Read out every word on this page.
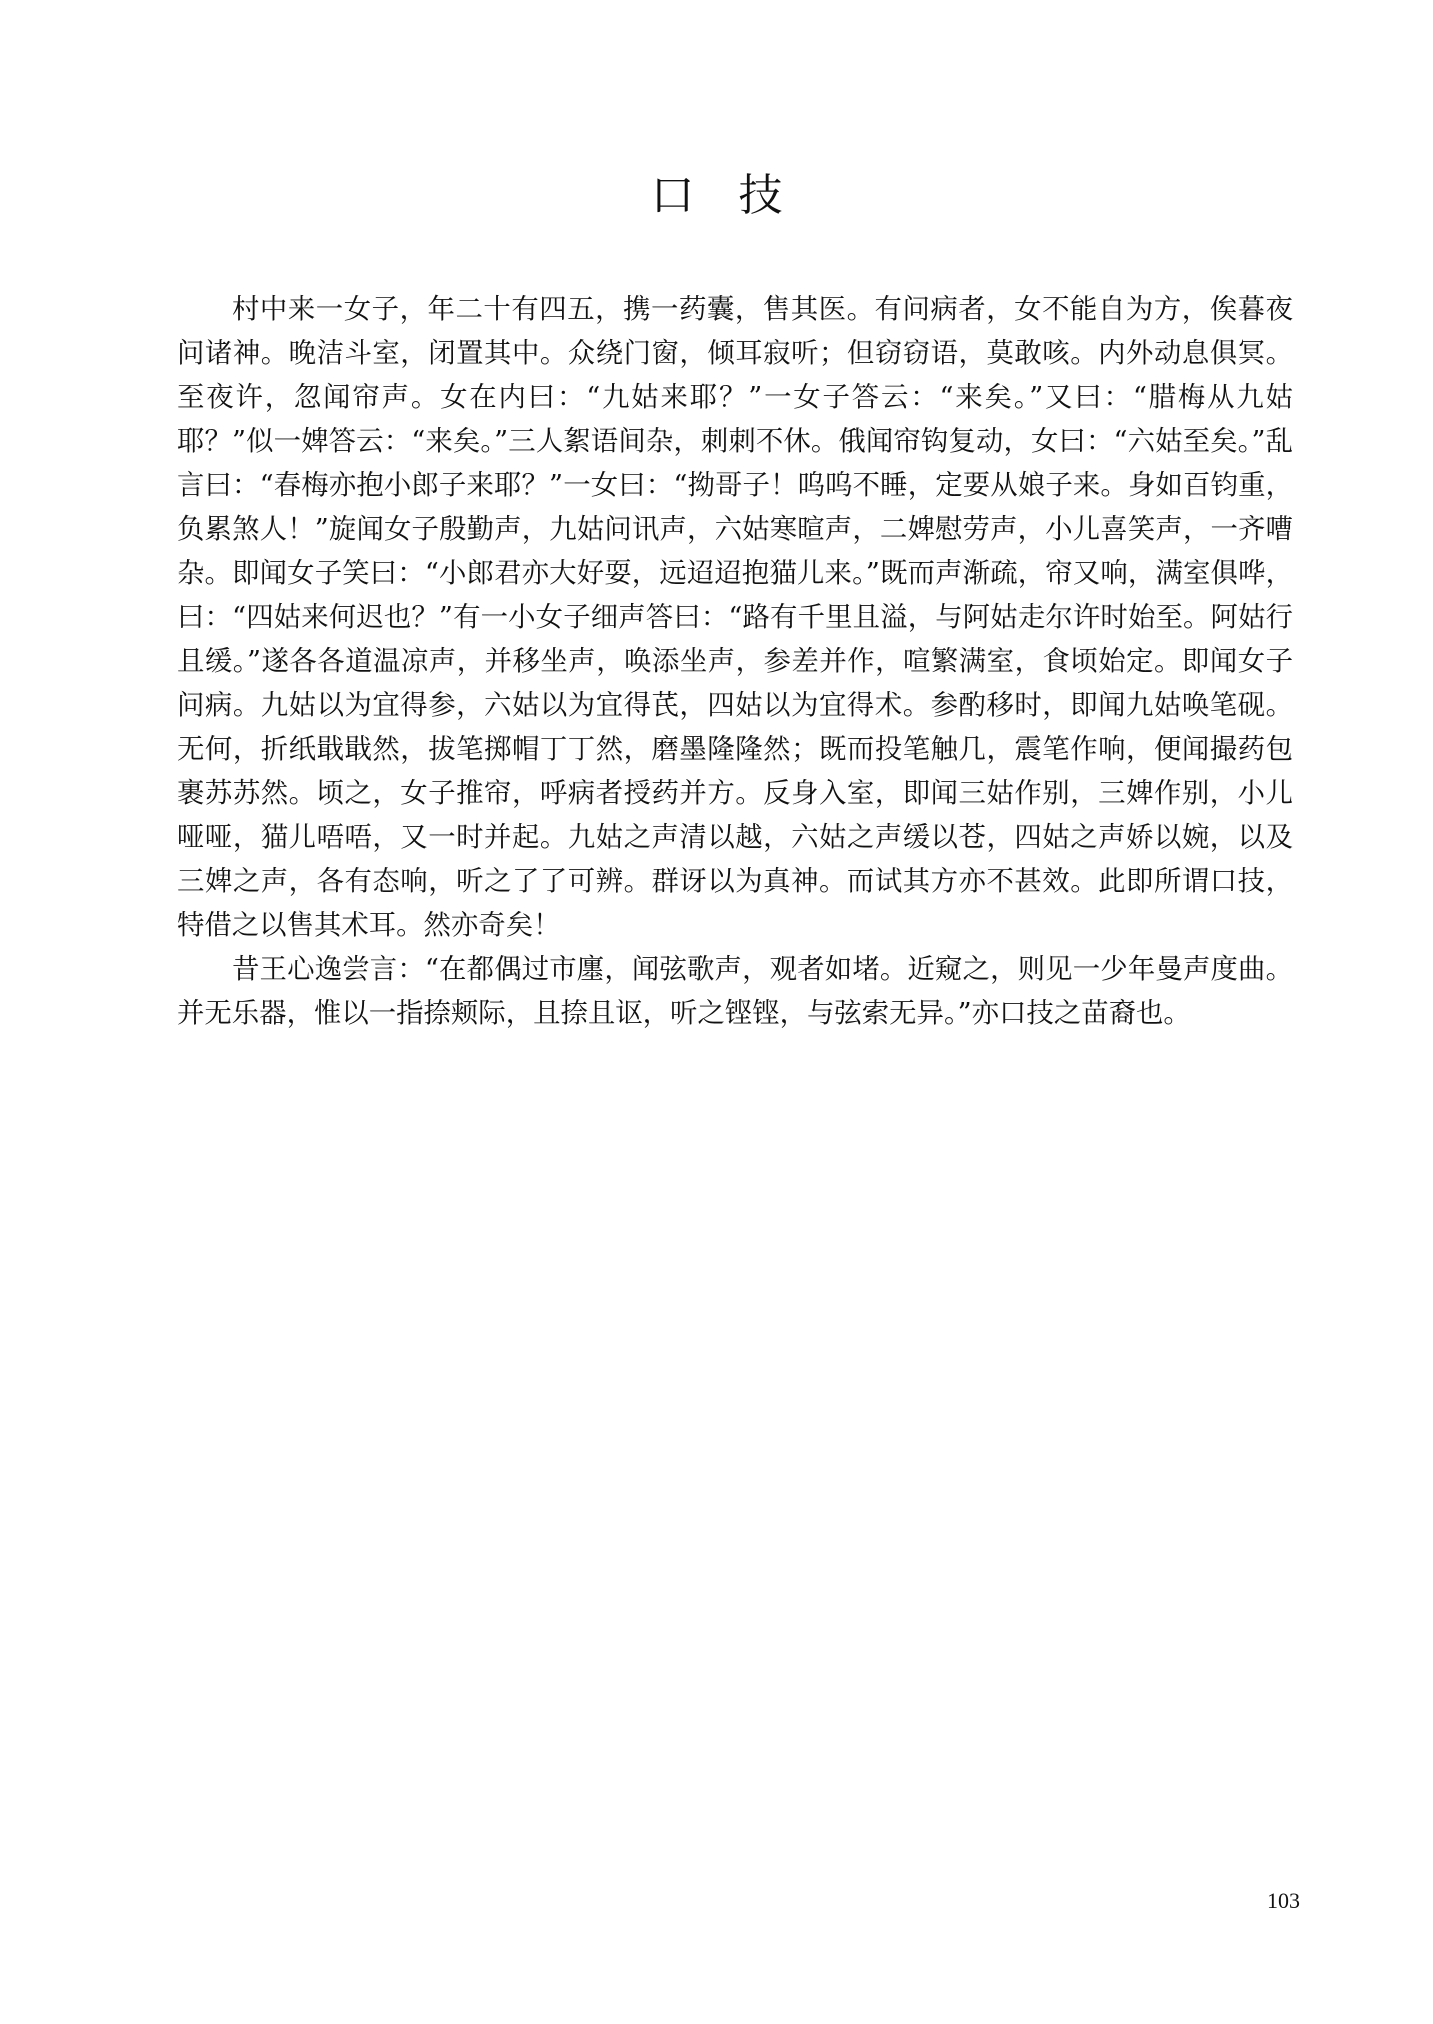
口技

村中来一女子，年二十有四五，携一药囊，售其医。有问病者，女不能自为方，俟暮夜问诸神。晚洁斗室，闭置其中。众绕门窗，倾耳寂听；但窃窃语，莫敢咳。内外动息俱冥。至夜许，忽闻帘声。女在内曰：“九姑来耶？”一女子答云：“来矣。”又曰：“腊梅从九姑耶？”似一婢答云：“来矣。”三人絮语间杂，刺刺不休。俄闻帘钩复动，女曰：“六姑至矣。”乱言曰：“春梅亦抱小郎子来耶？”一女曰：“拗哥子！呜呜不睡，定要从娘子来。身如百钧重，负累煞人！”旋闻女子殷勤声，九姑问讯声，六姑寒暄声，二婢慰劳声，小儿喜笑声，一齐嘈杂。即闻女子笑曰：“小郎君亦大好耍，远迢迢抱猫儿来。”既而声渐疏，帘又响，满室俱哗，曰：“四姑来何迟也？”有一小女子细声答曰：“路有千里且溢，与阿姑走尔许时始至。阿姑行且缓。”遂各各道温凉声，并移坐声，唤添坐声，参差并作，喧繁满室，食顷始定。即闻女子问病。九姑以为宜得参，六姑以为宜得芪，四姑以为宜得术。参酌移时，即闻九姑唤笔砚。无何，折纸戢戢然，拔笔掷帽丁丁然，磨墨隆隆然；既而投笔触几，震笔作响，便闻撮药包裹苏苏然。顷之，女子推帘，呼病者授药并方。反身入室，即闻三姑作别，三婢作别，小儿哑哑，猫儿唔唔，又一时并起。九姑之声清以越，六姑之声缓以苍，四姑之声娇以婉，以及三婢之声，各有态响，听之了了可辨。群讶以为真神。而试其方亦不甚效。此即所谓口技，特借之以售其术耳。然亦奇矣！

昔王心逸尝言：“在都偶过市廛，闻弦歌声，观者如堵。近窥之，则见一少年曼声度曲。并无乐器，惟以一指捺颊际，且捺且讴，听之铿铿，与弦索无异。”亦口技之苗裔也。

103
